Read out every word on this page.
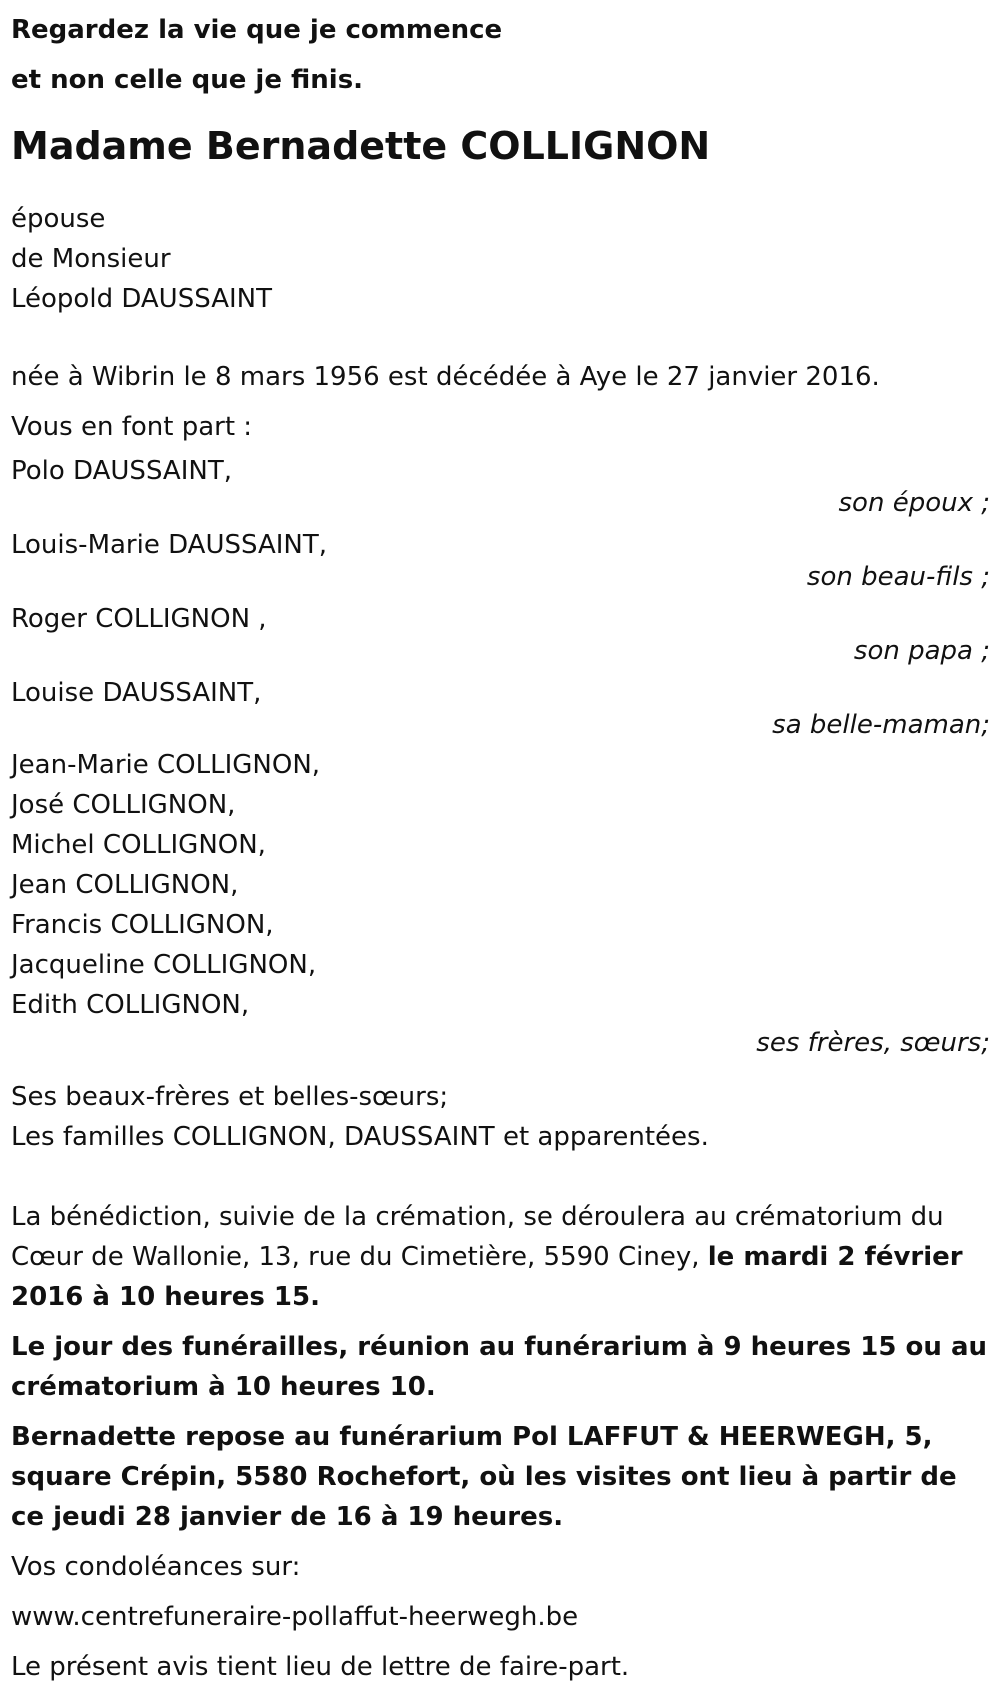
Regardez la vie que je commence

et non celle que je finis.

Madame Bernadette COLLIGNON

épouse

de Monsieur

Léopold DAUSSAINT

née à Wibrin le 8 mars 1956 est décédée à Aye le 27 janvier 2016.

Vous en font part :

Polo DAUSSAINT,

son époux ;

Louis-Marie DAUSSAINT,

son beau-fils ;

Roger COLLIGNON ,

son papa ;

Louise DAUSSAINT,

sa belle-maman;

Jean-Marie COLLIGNON,

José COLLIGNON,

Michel COLLIGNON,

Jean COLLIGNON,

Francis COLLIGNON,

Jacqueline COLLIGNON,

Edith COLLIGNON,

ses frères, sœurs;

Ses beaux-frères et belles-sœurs;

Les familles COLLIGNON, DAUSSAINT et apparentées.

La bénédiction, suivie de la crémation, se déroulera au crématorium du Cœur de Wallonie, 13, rue du Cimetière, 5590 Ciney, le mardi 2 février 2016 à 10 heures 15.

Le jour des funérailles, réunion au funérarium à 9 heures 15 ou au crématorium à 10 heures 10.

Bernadette repose au funérarium Pol LAFFUT & HEERWEGH, 5, square Crépin, 5580 Rochefort, où les visites ont lieu à partir de ce jeudi 28 janvier de 16 à 19 heures.

Vos condoléances sur:

www.centrefuneraire-pollaffut-heerwegh.be

Le présent avis tient lieu de lettre de faire-part.
